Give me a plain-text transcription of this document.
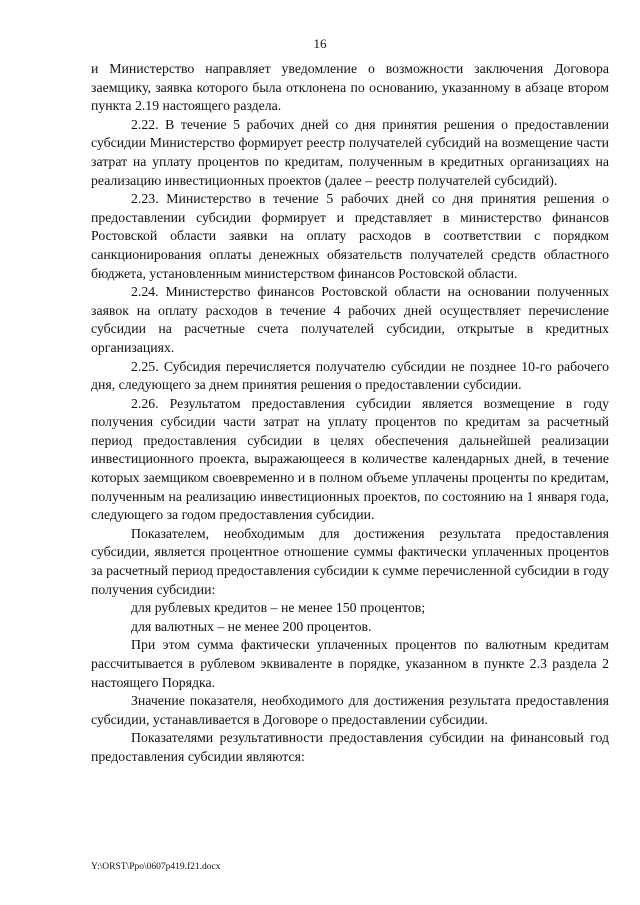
16

и Министерство направляет уведомление о возможности заключения Договора заемщику, заявка которого была отклонена по основанию, указанному в абзаце втором пункта 2.19 настоящего раздела.

2.22. В течение 5 рабочих дней со дня принятия решения о предоставлении субсидии Министерство формирует реестр получателей субсидий на возмещение части затрат на уплату процентов по кредитам, полученным в кредитных организациях на реализацию инвестиционных проектов (далее – реестр получателей субсидий).

2.23. Министерство в течение 5 рабочих дней со дня принятия решения о предоставлении субсидии формирует и представляет в министерство финансов Ростовской области заявки на оплату расходов в соответствии с порядком санкционирования оплаты денежных обязательств получателей средств областного бюджета, установленным министерством финансов Ростовской области.

2.24. Министерство финансов Ростовской области на основании полученных заявок на оплату расходов в течение 4 рабочих дней осуществляет перечисление субсидии на расчетные счета получателей субсидии, открытые в кредитных организациях.

2.25. Субсидия перечисляется получателю субсидии не позднее 10-го рабочего дня, следующего за днем принятия решения о предоставлении субсидии.

2.26. Результатом предоставления субсидии является возмещение в году получения субсидии части затрат на уплату процентов по кредитам за расчетный период предоставления субсидии в целях обеспечения дальнейшей реализации инвестиционного проекта, выражающееся в количестве календарных дней, в течение которых заемщиком своевременно и в полном объеме уплачены проценты по кредитам, полученным на реализацию инвестиционных проектов, по состоянию на 1 января года, следующего за годом предоставления субсидии.

Показателем, необходимым для достижения результата предоставления субсидии, является процентное отношение суммы фактически уплаченных процентов за расчетный период предоставления субсидии к сумме перечисленной субсидии в году получения субсидии:

для рублевых кредитов – не менее 150 процентов;

для валютных – не менее 200 процентов.

При этом сумма фактически уплаченных процентов по валютным кредитам рассчитывается в рублевом эквиваленте в порядке, указанном в пункте 2.3 раздела 2 настоящего Порядка.

Значение показателя, необходимого для достижения результата предоставления субсидии, устанавливается в Договоре о предоставлении субсидии.

Показателями результативности предоставления субсидии на финансовый год предоставления субсидии являются:

Y:\ORST\Ppo\0607p419.f21.docx
